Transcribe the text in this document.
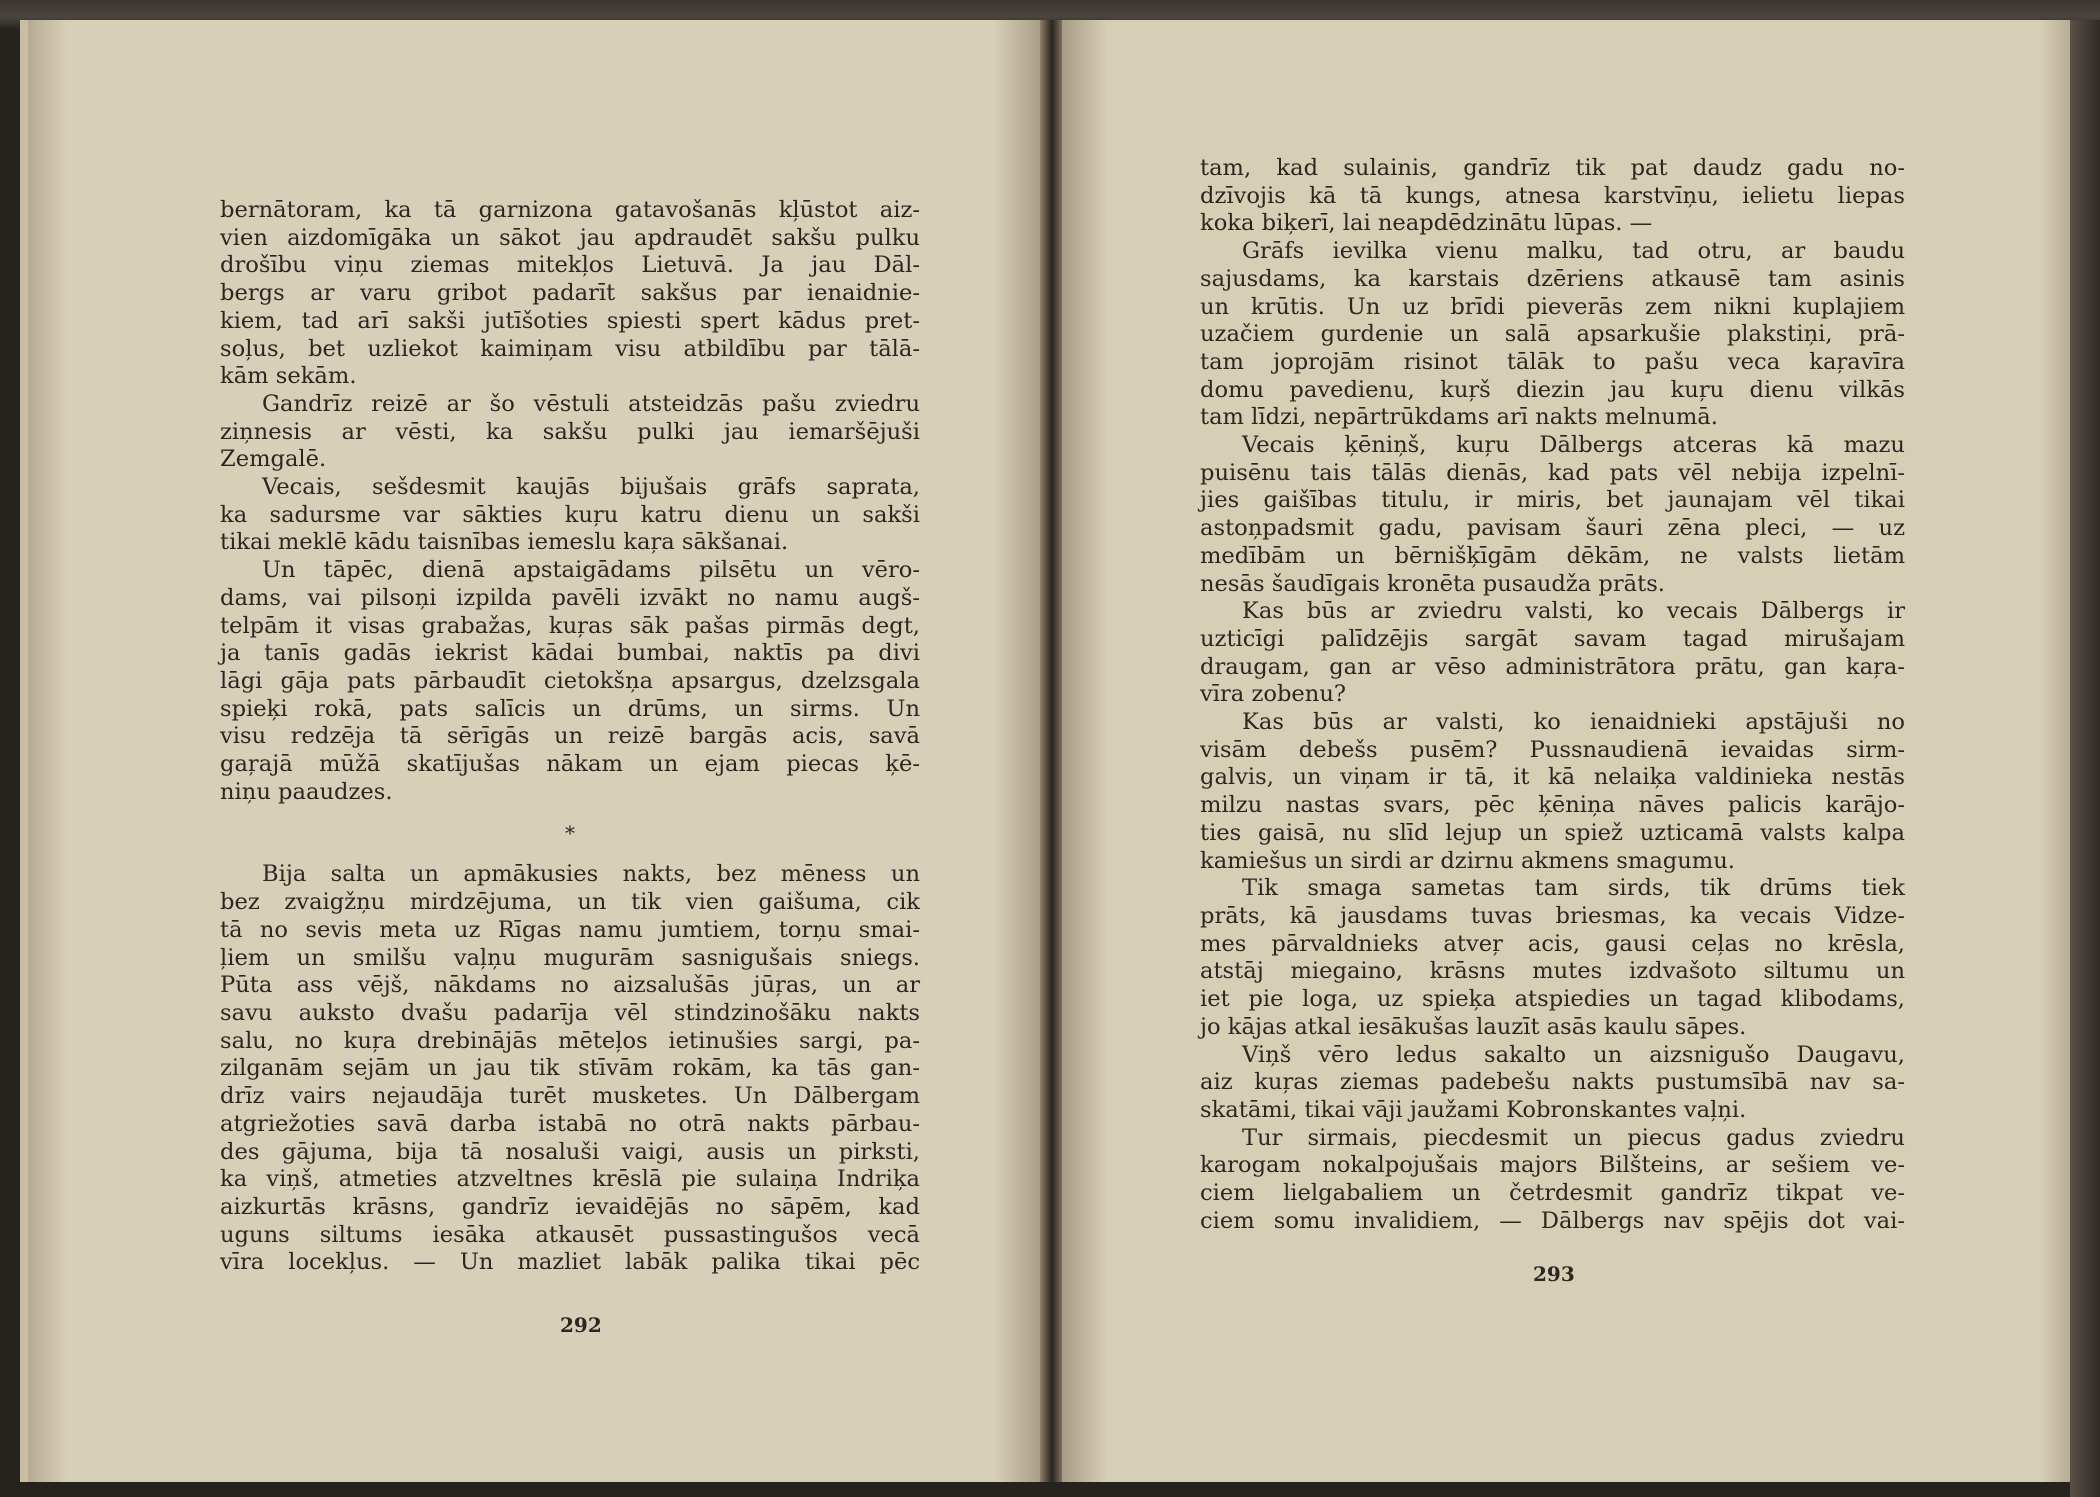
bernātoram, ka tā garnizona gatavošanās kļūstot aiz-
vien aizdomīgāka un sākot jau apdraudēt sakšu pulku
drošību viņu ziemas mitekļos Lietuvā. Ja jau Dāl-
bergs ar varu gribot padarīt sakšus par ienaidnie-
kiem, tad arī sakši jutīšoties spiesti spert kādus pret-
soļus, bet uzliekot kaimiņam visu atbildību par tālā-
kām sekām.
Gandrīz reizē ar šo vēstuli atsteidzās pašu zviedru
ziņnesis ar vēsti, ka sakšu pulki jau iemaršējuši
Zemgalē.
Vecais, sešdesmit kaujās bijušais grāfs saprata,
ka sadursme var sākties kuŗu katru dienu un sakši
tikai meklē kādu taisnības iemeslu kaŗa sākšanai.
Un tāpēc, dienā apstaigādams pilsētu un vēro-
dams, vai pilsoņi izpilda pavēli izvākt no namu augš-
telpām it visas grabažas, kuŗas sāk pašas pirmās degt,
ja tanīs gadās iekrist kādai bumbai, naktīs pa divi
lāgi gāja pats pārbaudīt cietokšņa apsargus, dzelzsgala
spieķi rokā, pats salīcis un drūms, un sirms. Un
visu redzēja tā sērīgās un reizē bargās acis, savā
gaŗajā mūžā skatījušas nākam un ejam piecas ķē-
niņu paaudzes.
*
Bija salta un apmākusies nakts, bez mēness un
bez zvaigžņu mirdzējuma, un tik vien gaišuma, cik
tā no sevis meta uz Rīgas namu jumtiem, torņu smai-
ļiem un smilšu vaļņu mugurām sasnigušais sniegs.
Pūta ass vējš, nākdams no aizsalušās jūŗas, un ar
savu auksto dvašu padarīja vēl stindzinošāku nakts
salu, no kuŗa drebinājās mēteļos ietinušies sargi, pa-
zilganām sejām un jau tik stīvām rokām, ka tās gan-
drīz vairs nejaudāja turēt musketes. Un Dālbergam
atgriežoties savā darba istabā no otrā nakts pārbau-
des gājuma, bija tā nosaluši vaigi, ausis un pirksti,
ka viņš, atmeties atzveltnes krēslā pie sulaiņa Indriķa
aizkurtās krāsns, gandrīz ievaidējās no sāpēm, kad
uguns siltums iesāka atkausēt pussastingušos vecā
vīra locekļus. — Un mazliet labāk palika tikai pēc
tam, kad sulainis, gandrīz tik pat daudz gadu no-
dzīvojis kā tā kungs, atnesa karstvīņu, ielietu liepas
koka biķerī, lai neapdēdzinātu lūpas. —
Grāfs ievilka vienu malku, tad otru, ar baudu
sajusdams, ka karstais dzēriens atkausē tam asinis
un krūtis. Un uz brīdi pieverās zem nikni kuplajiem
uzačiem gurdenie un salā apsarkušie plakstiņi, prā-
tam joprojām risinot tālāk to pašu veca kaŗavīra
domu pavedienu, kuŗš diezin jau kuŗu dienu vilkās
tam līdzi, nepārtrūkdams arī nakts melnumā.
Vecais ķēniņš, kuŗu Dālbergs atceras kā mazu
puisēnu tais tālās dienās, kad pats vēl nebija izpelnī-
jies gaišības titulu, ir miris, bet jaunajam vēl tikai
astoņpadsmit gadu, pavisam šauri zēna pleci, — uz
medībām un bērnišķīgām dēkām, ne valsts lietām
nesās šaudīgais kronēta pusaudža prāts.
Kas būs ar zviedru valsti, ko vecais Dālbergs ir
uzticīgi palīdzējis sargāt savam tagad mirušajam
draugam, gan ar vēso administrātora prātu, gan kaŗa-
vīra zobenu?
Kas būs ar valsti, ko ienaidnieki apstājuši no
visām debešs pusēm? Pussnaudienā ievaidas sirm-
galvis, un viņam ir tā, it kā nelaiķa valdinieka nestās
milzu nastas svars, pēc ķēniņa nāves palicis karājo-
ties gaisā, nu slīd lejup un spiež uzticamā valsts kalpa
kamiešus un sirdi ar dzirnu akmens smagumu.
Tik smaga sametas tam sirds, tik drūms tiek
prāts, kā jausdams tuvas briesmas, ka vecais Vidze-
mes pārvaldnieks atveŗ acis, gausi ceļas no krēsla,
atstāj miegaino, krāsns mutes izdvašoto siltumu un
iet pie loga, uz spieķa atspiedies un tagad klibodams,
jo kājas atkal iesākušas lauzīt asās kaulu sāpes.
Viņš vēro ledus sakalto un aizsnigušo Daugavu,
aiz kuŗas ziemas padebešu nakts pustumsībā nav sa-
skatāmi, tikai vāji jaužami Kobronskantes vaļņi.
Tur sirmais, piecdesmit un piecus gadus zviedru
karogam nokalpojušais majors Bilšteins, ar sešiem ve-
ciem lielgabaliem un četrdesmit gandrīz tikpat ve-
ciem somu invalidiem, — Dālbergs nav spējis dot vai-
292
293
